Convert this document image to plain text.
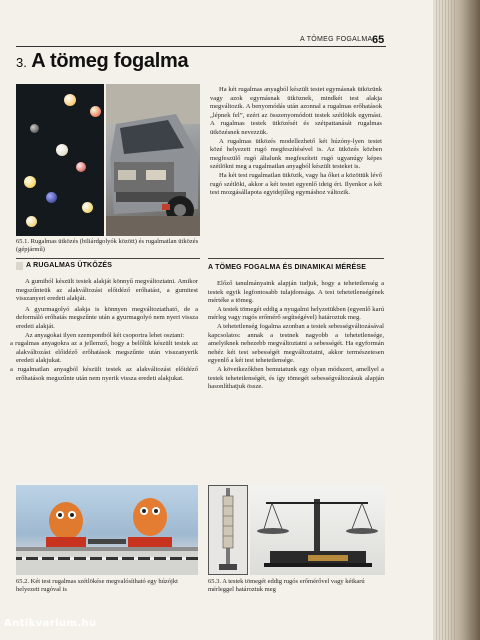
A TÖMEG FOGALMA 65
3. A tömeg fogalma
65.1. Rugalmas ütközés (biliárdgolyók között) és rugalmatlan ütközés (gépjármű)

Ha két rugalmas anyagból készült testet egymásnak ütközünk vagy azok egymásnak ütköznek, mindkét test alakja megváltozik. A benyomódás után azonnal a rugalmas erőhatások „lépnek fel”, ezért az összenyomódott testek szétlökik egymást. A rugalmas testek ütközését és szétpattanását rugalmas ütközésnek nevezzük.

A rugalmas ütközés modellezhető két húzóny-lyen testet közé helyezett rugó megfeszítésével is. Az ütközés közben megfeszülő rugó általunk megfeszített rugó ugyanúgy képes szétlökni meg a rugalmatlan anyagból készült testeket is.

Ha két test rugalmatlan ütközik, vagy ha őket a közöttük lévő rugó szétlöki, akkor a két testet egyenlő ideig éri. Ilyenkor a két test mozgásállapota egyidejűleg egymáshoz változik.

A RUGALMAS ÜTKÖZÉS

A gumiból készült testek alakját könnyű megváltoztatni. Amikor megszűnteük az alakváltozást előidéző erőhatást, a gumitest visszanyeri eredeti alakját.

A gyurmagolyó alakja is könnyen megváltoztatható, de a deformáló erőhatás megszűnte után a gyurmagolyó nem nyeri vissza eredeti alakját.

Az anyagokat ilyen szempontból két csoportra lehet osztani:

a rugalmas anyagokra az a jellemző, hogy a belőlük készült testek az alakváltozást előidéző erőhatások megszűnte után visszanyerik eredeti alakjukat.

a rugalmatlan anyagból készült testek az alakváltozást előidéző erőhatások megszűnte után nem nyerik vissza eredeti alakjukat.

A TÖMEG FOGALMA ÉS DINAMIKAI MÉRÉSE

Előző tanulmányaink alapján tudjuk, hogy a tehetetlenség a testek egyik legfontosabb tulajdonsága. A test tehetetlenségének mértéke a tömeg.

A testek tömegét eddig a nyugalmi helyzetükben (egyenlő karú mérleg vagy rugós erőmérő segítségével) határoztuk meg.

A tehetetlenség fogalma azonban a testek sebességváltozásával kapcsolatos: annak a testnek nagyobb a tehetetlensége, amelyiknek nehezebb megváltoztatni a sebességét. Ha egyformán nehéz két test sebességét megváltoztatni, akkor természetesen egyenlő a két test tehetetlensége.

A következőkben bemutatunk egy olyan módszert, amellyel a testek tehetetlenségét, és így tömegét sebességváltozásuk alapján hasonlíthatjuk össze.

65.2. Két test rugalmas szétlökése megvalósítható egy húzójkt helyezett rugóval is
65.3. A testek tömegét eddig rugós erőmérővel vagy kétkarú mérleggel határoztuk meg
Antikvarium.hu
